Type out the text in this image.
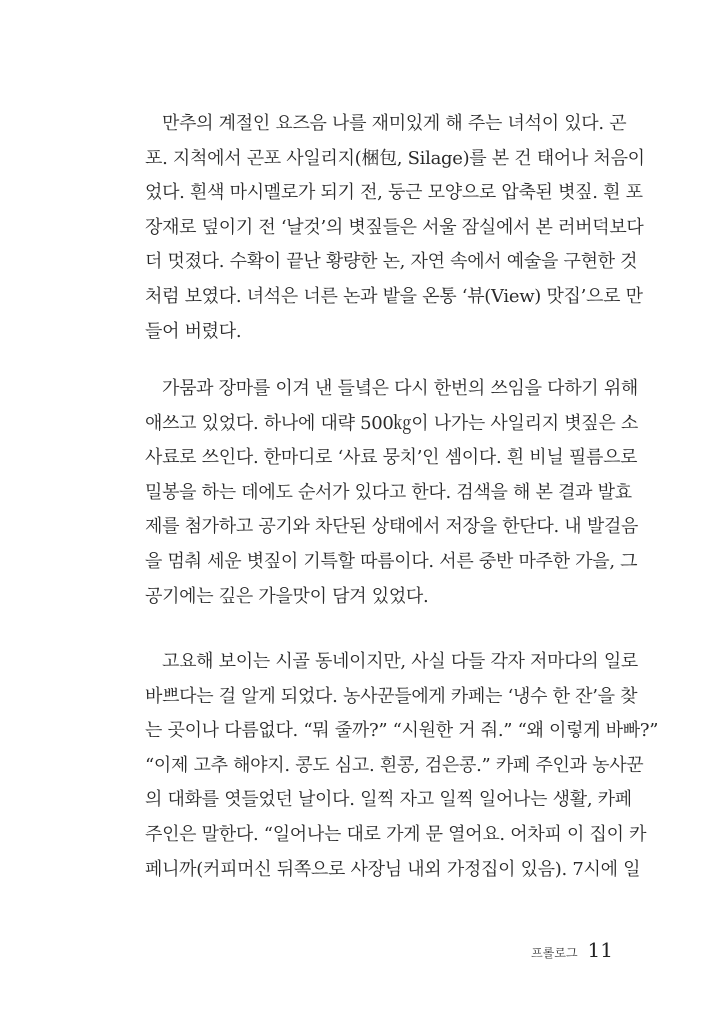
만추의 계절인 요즈음 나를 재미있게 해 주는 녀석이 있다. 곤
포. 지척에서 곤포 사일리지(梱包, Silage)를 본 건 태어나 처음이
었다. 흰색 마시멜로가 되기 전, 둥근 모양으로 압축된 볏짚. 흰 포
장재로 덮이기 전 ‘날것’의 볏짚들은 서울 잠실에서 본 러버덕보다
더 멋졌다. 수확이 끝난 황량한 논, 자연 속에서 예술을 구현한 것
처럼 보였다. 녀석은 너른 논과 밭을 온통 ‘뷰(View) 맛집’으로 만
들어 버렸다.
가뭄과 장마를 이겨 낸 들녘은 다시 한번의 쓰임을 다하기 위해
애쓰고 있었다. 하나에 대략 500㎏이 나가는 사일리지 볏짚은 소
사료로 쓰인다. 한마디로 ‘사료 뭉치’인 셈이다. 흰 비닐 필름으로
밀봉을 하는 데에도 순서가 있다고 한다. 검색을 해 본 결과 발효
제를 첨가하고 공기와 차단된 상태에서 저장을 한단다. 내 발걸음
을 멈춰 세운 볏짚이 기특할 따름이다. 서른 중반 마주한 가을, 그
공기에는 깊은 가을맛이 담겨 있었다.
고요해 보이는 시골 동네이지만, 사실 다들 각자 저마다의 일로
바쁘다는 걸 알게 되었다. 농사꾼들에게 카페는 ‘냉수 한 잔’을 찾
는 곳이나 다름없다. “뭐 줄까?” “시원한 거 줘.” “왜 이렇게 바빠?”
“이제 고추 해야지. 콩도 심고. 흰콩, 검은콩.” 카페 주인과 농사꾼
의 대화를 엿들었던 날이다. 일찍 자고 일찍 일어나는 생활, 카페
주인은 말한다. “일어나는 대로 가게 문 열어요. 어차피 이 집이 카
페니까(커피머신 뒤쪽으로 사장님 내외 가정집이 있음). 7시에 일
프롤로그 11
